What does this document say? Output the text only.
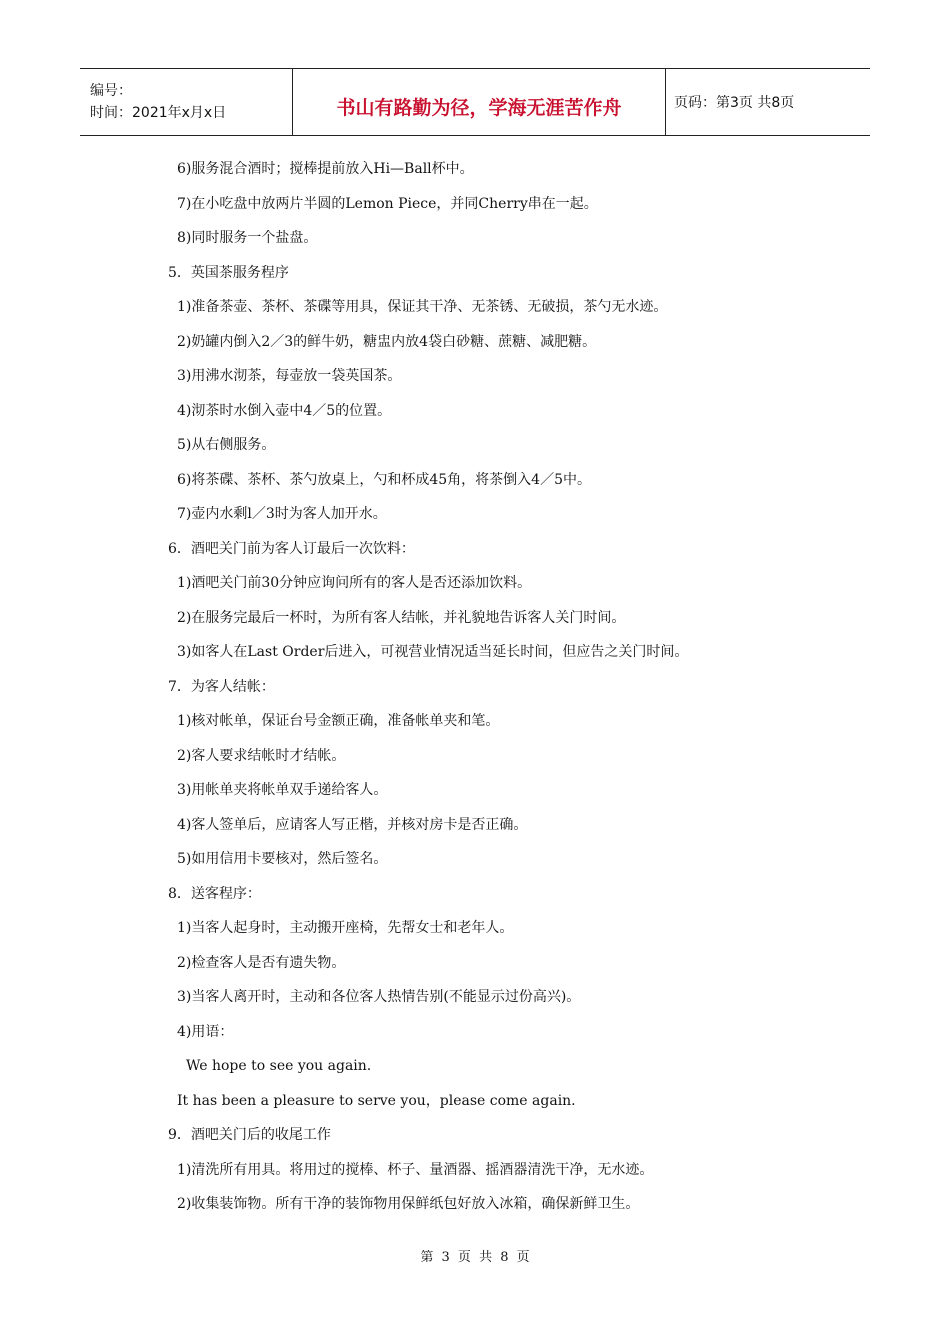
编号：
时间：2021年x月x日	书山有路勤为径，学海无涯苦作舟	页码：第3页 共8页
6)服务混合酒时；搅棒提前放入Hi—Ball杯中。
7)在小吃盘中放两片半圆的Lemon Piece，并同Cherry串在一起。
8)同时服务一个盐盘。
5．英国茶服务程序
1)准备茶壶、茶杯、茶碟等用具，保证其干净、无茶锈、无破损，茶勺无水迹。
2)奶罐内倒入2／3的鲜牛奶，糖盅内放4袋白砂糖、蔗糖、减肥糖。
3)用沸水沏茶，每壶放一袋英国茶。
4)沏茶时水倒入壶中4／5的位置。
5)从右侧服务。
6)将茶碟、茶杯、茶勺放桌上，勺和杯成45角，将茶倒入4／5中。
7)壶内水剩l／3时为客人加开水。
6．酒吧关门前为客人订最后一次饮料：
1)酒吧关门前30分钟应询问所有的客人是否还添加饮料。
2)在服务完最后一杯时，为所有客人结帐，并礼貌地告诉客人关门时间。
3)如客人在Last Order后进入，可视营业情况适当延长时间，但应告之关门时间。
7．为客人结帐：
1)核对帐单，保证台号金额正确，准备帐单夹和笔。
2)客人要求结帐时才结帐。
3)用帐单夹将帐单双手递给客人。
4)客人签单后，应请客人写正楷，并核对房卡是否正确。
5)如用信用卡要核对，然后签名。
8．送客程序：
1)当客人起身时，主动搬开座椅，先帮女士和老年人。
2)检查客人是否有遗失物。
3)当客人离开时，主动和各位客人热情告别(不能显示过份高兴)。
4)用语：
We hope to see you again.
It has been a pleasure to serve you，please come again.
9．酒吧关门后的收尾工作
1)清洗所有用具。将用过的搅棒、杯子、量酒器、摇酒器清洗干净，无水迹。
2)收集装饰物。所有干净的装饰物用保鲜纸包好放入冰箱，确保新鲜卫生。
第 3 页 共 8 页
